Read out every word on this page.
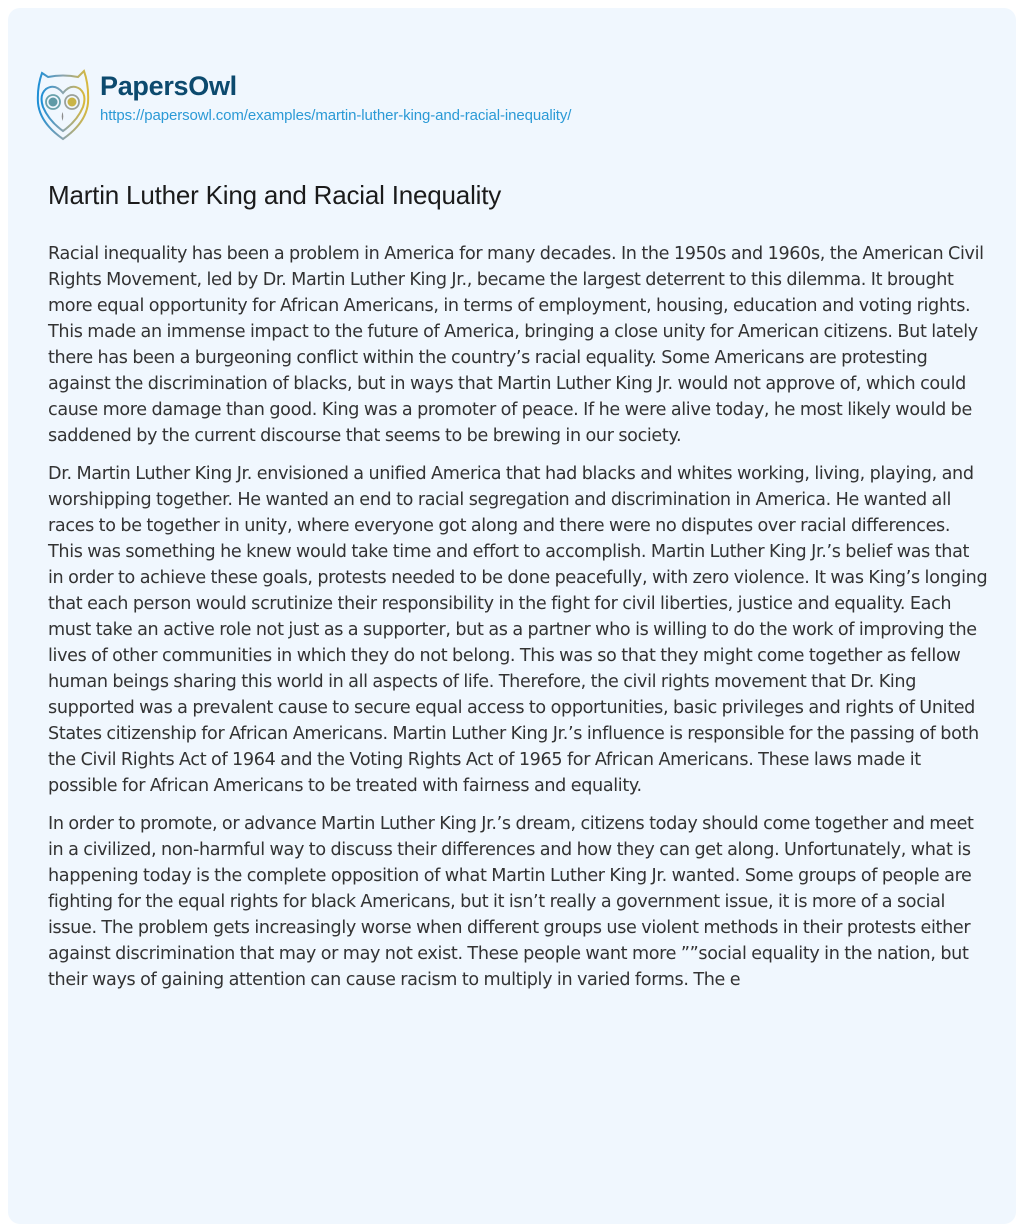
PapersOwl
https://papersowl.com/examples/martin-luther-king-and-racial-inequality/
Martin Luther King and Racial Inequality

Racial inequality has been a problem in America for many decades. In the 1950s and 1960s, the American Civil Rights Movement, led by Dr. Martin Luther King Jr., became the largest deterrent to this dilemma. It brought more equal opportunity for African Americans, in terms of employment, housing, education and voting rights. This made an immense impact to the future of America, bringing a close unity for American citizens. But lately there has been a burgeoning conflict within the country’s racial equality. Some Americans are protesting against the discrimination of blacks, but in ways that Martin Luther King Jr. would not approve of, which could cause more damage than good. King was a promoter of peace. If he were alive today, he most likely would be saddened by the current discourse that seems to be brewing in our society.

Dr. Martin Luther King Jr. envisioned a unified America that had blacks and whites working, living, playing, and worshipping together. He wanted an end to racial segregation and discrimination in America. He wanted all races to be together in unity, where everyone got along and there were no disputes over racial differences. This was something he knew would take time and effort to accomplish. Martin Luther King Jr.’s belief was that in order to achieve these goals, protests needed to be done peacefully, with zero violence. It was King’s longing that each person would scrutinize their responsibility in the fight for civil liberties, justice and equality. Each must take an active role not just as a supporter, but as a partner who is willing to do the work of improving the lives of other communities in which they do not belong. This was so that they might come together as fellow human beings sharing this world in all aspects of life. Therefore, the civil rights movement that Dr. King supported was a prevalent cause to secure equal access to opportunities, basic privileges and rights of United States citizenship for African Americans. Martin Luther King Jr.’s influence is responsible for the passing of both the Civil Rights Act of 1964 and the Voting Rights Act of 1965 for African Americans. These laws made it possible for African Americans to be treated with fairness and equality.

In order to promote, or advance Martin Luther King Jr.’s dream, citizens today should come together and meet in a civilized, non-harmful way to discuss their differences and how they can get along. Unfortunately, what is happening today is the complete opposition of what Martin Luther King Jr. wanted. Some groups of people are fighting for the equal rights for black Americans, but it isn’t really a government issue, it is more of a social issue. The problem gets increasingly worse when different groups use violent methods in their protests either against discrimination that may or may not exist. These people want more ””social equality in the nation, but their ways of gaining attention can cause racism to multiply in varied forms. The e
